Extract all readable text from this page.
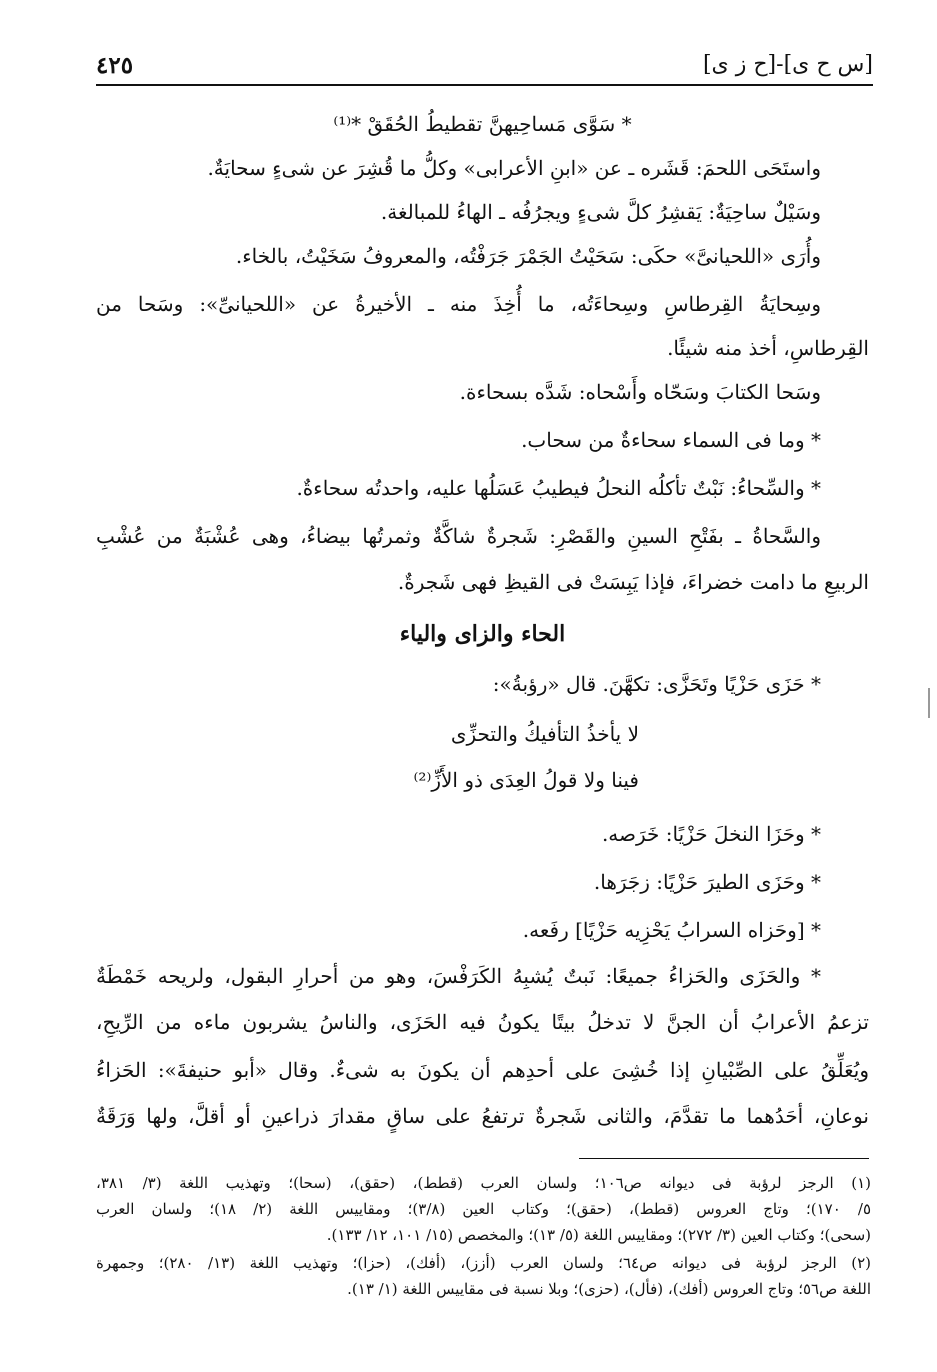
٤٢٥	[س ح ى]-[ح ز ى]
* سَوَّى مَساحِيهنَّ تقطيطُ الحُقَقْ *⁽¹⁾
واستَحَى اللحمَ: قَشَره ـ عن «ابنِ الأعرابى» وكلُّ ما قُشِرَ عن شىءٍ سحايَةٌ.
وسَيْلٌ ساحِيَةٌ: يَقشِرُ كلَّ شىءٍ ويجرُفُه ـ الهاءُ للمبالغة.
وأُرَى «اللحيانىَّ» حكَى: سَحَيْتُ الجَمْرَ جَرَفْتُه، والمعروفُ سَخَيْتُ، بالخاء.
وسِحايَةُ القِرطاسِ وسِحاءَتُه، ما أُخِذَ منه ـ الأخيرةُ عن «اللحيانىِّ»: وسَحا من
القِرطاسِ، أخذ منه شيئًا.
وسَحا الكتابَ وسَحّاه وأَسْحاه: شَدَّه بسحاءة.
* وما فى السماء سحاءةٌ من سحاب.
* والسِّحاءُ: نَبْتٌ تأكلُه النحلُ فيطيبُ عَسَلُها عليه، واحدتُه سحاءةٌ.
والسَّحاةُ ـ بفَتْحِ السينِ والقَصْرِ: شَجرةٌ شاكَّةٌ وثمرتُها بيضاءُ، وهى عُشْبَةٌ من عُشْبِ
الربيعِ ما دامت خضراءَ، فإذا يَبِسَتْ فى القيظِ فهى شَجرةٌ.
الحاء والزاى والياء
* حَزَى حَزْيًا وتَحَزَّى: تكهَّنَ. قال «رؤبةُ»:
لا يأخذُ التأفيكُ والتحزِّى
فينا ولا قولُ العِدَى ذو الأَزِّ⁽²⁾
* وحَزَا النخلَ حَزْيًا: خَرَصه.
* وحَزَى الطيرَ حَزْيًا: زجَرَها.
* [وحَزاه السرابُ يَحْزِيه حَزْيًا] رفَعه.
* والحَزَى والحَزاءُ جميعًا: نَبتٌ يُشبِهُ الكَرَفْسَ، وهو من أحرارِ البقول، ولريحه خَمْطَةٌ
تزعمُ الأعرابُ أن الجنَّ لا تدخلُ بيتًا يكونُ فيه الحَزَى، والناسُ يشربون ماءه من الرِّيحِ،
ويُعَلِّقُ على الصِّبْيانِ إذا خُشِىَ على أحدِهم أن يكونَ به شىءٌ. وقال «أبو حنيفةَ»: الحَزاءُ
نوعانِ، أحَدُهما ما تقدَّمَ، والثانى شَجرةٌ ترتفعُ على ساقٍ مقدارَ ذراعينِ أو أقلَّ، ولها وَرَقَةٌ
(١) الرجز لرؤبة فى ديوانه ص١٠٦؛ ولسان العرب (قطط)، (حقق)، (سحا)؛ وتهذيب اللغة (٣/ ٣٨١،
٥/ ١٧٠)؛ وتاج العروس (قطط)، (حقق)؛ وكتاب العين (٣/٨)؛ ومقاييس اللغة (٢/ ١٨)؛ ولسان العرب
(سحى)؛ وكتاب العين (٣/ ٢٧٢)؛ ومقاييس اللغة (٥/ ١٣)؛ والمخصص (١٥/ ١٠١، ١٢/ ١٣٣).
(٢) الرجز لرؤبة فى ديوانه ص٦٤؛ ولسان العرب (أزز)، (أفك)، (حزا)؛ وتهذيب اللغة (١٣/ ٢٨٠)؛ وجمهرة
اللغة ص٥٦؛ وتاج العروس (أفك)، (فأل)، (حزى)؛ وبلا نسبة فى مقاييس اللغة (١/ ١٣).
